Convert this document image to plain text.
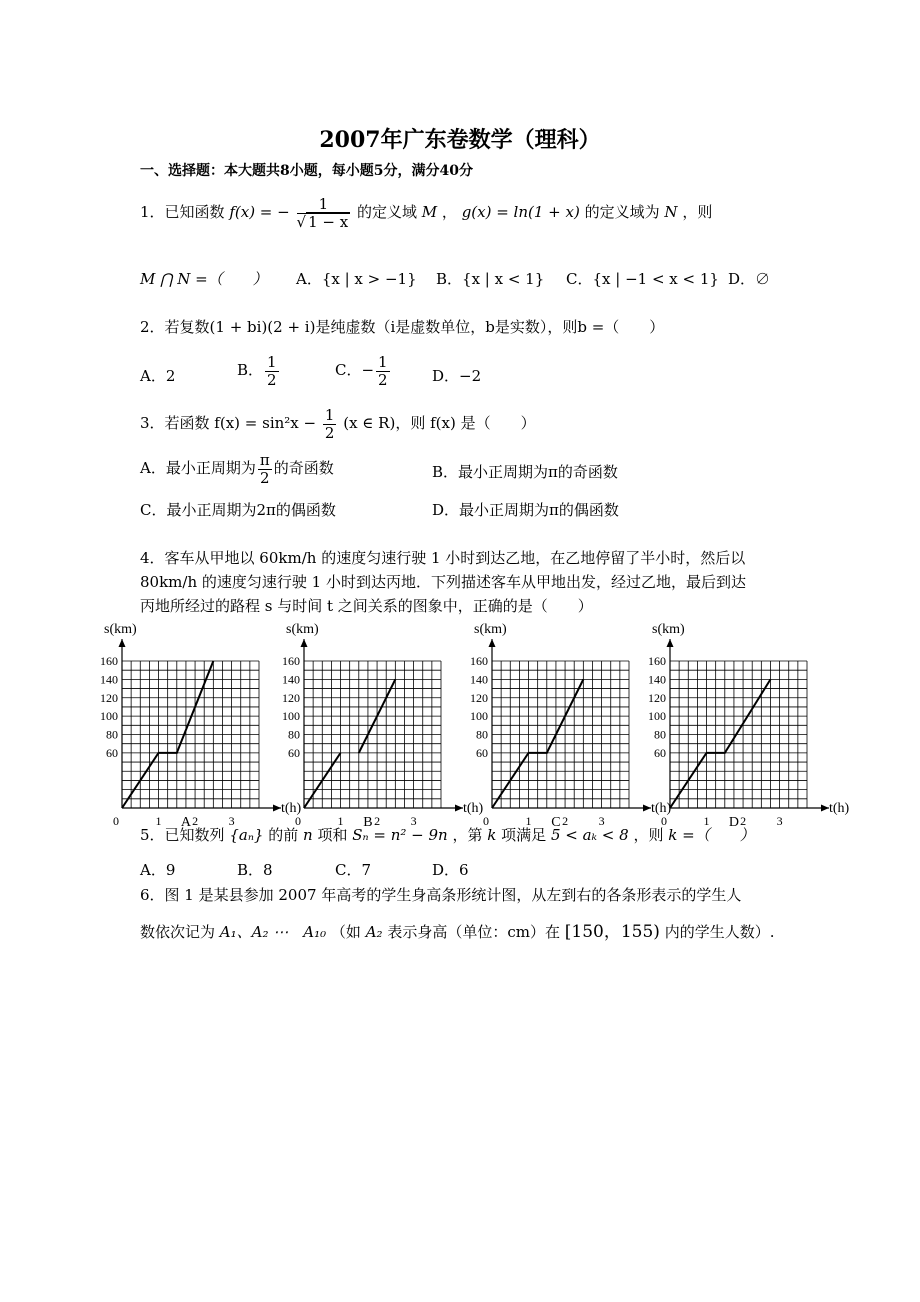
2007年广东卷数学（理科）
一、选择题：本大题共8小题，每小题5分，满分40分
1．已知函数 f(x) = − $\frac{1}{√ 1 - x}$ 的定义域 M ， g(x) = ln(1 + x) 的定义域为 N ，则
M ⋂ N =（　　） A．{x | x > −1} B．{x | x < 1} C．{x | −1 < x < 1} D．∅
2．若复数(1 + bi)(2 + i)是纯虚数（i是虚数单位，b是实数），则b =（　　）
A．2	B． $\frac{1}{2}$	C．− $\frac{1}{2}$	D．−2
3．若函数 $f(x) = \sin^2x - \frac{1}{2} (x$ ∈ R)，则 f(x) 是（　　）
A．最小正周期为 $\frac{\pi}{2}$ 的奇函数	B．最小正周期为π的奇函数
C．最小正周期为2π的偶函数	D．最小正周期为π的偶函数
4．客车从甲地以 60km/h 的速度匀速行驶 1 小时到达乙地，在乙地停留了半小时，然后以
80km/h 的速度匀速行驶 1 小时到达丙地．下列描述客车从甲地出发，经过乙地，最后到达
丙地所经过的路程 s 与时间 t 之间关系的图象中，正确的是（　　）
s(km)
t(h)
60
80
100
120
140
160
0	1	2	3
A
s(km)
t(h)
60
80
100
120
140
160
0	1	2	3
B
s(km)
t(h)
60
80
100
120
140
160
0	1	2	3
C
s(km)
t(h)
60
80
100
120
140
160
0	1	2	3
D
5．已知数列 {aₙ} 的前 n 项和 Sₙ = n² − 9n ，第 k 项满足 5 < aₖ < 8 ，则 k =（　　）
A．9	B．8	C．7	D．6
6．图 1 是某县参加 2007 年高考的学生身高条形统计图，从左到右的各条形表示的学生人
数依次记为 A₁、A₂ ⋯　A₁₀ （如 A₂ 表示身高（单位：cm）在 [150，155) 内的学生人数）.
